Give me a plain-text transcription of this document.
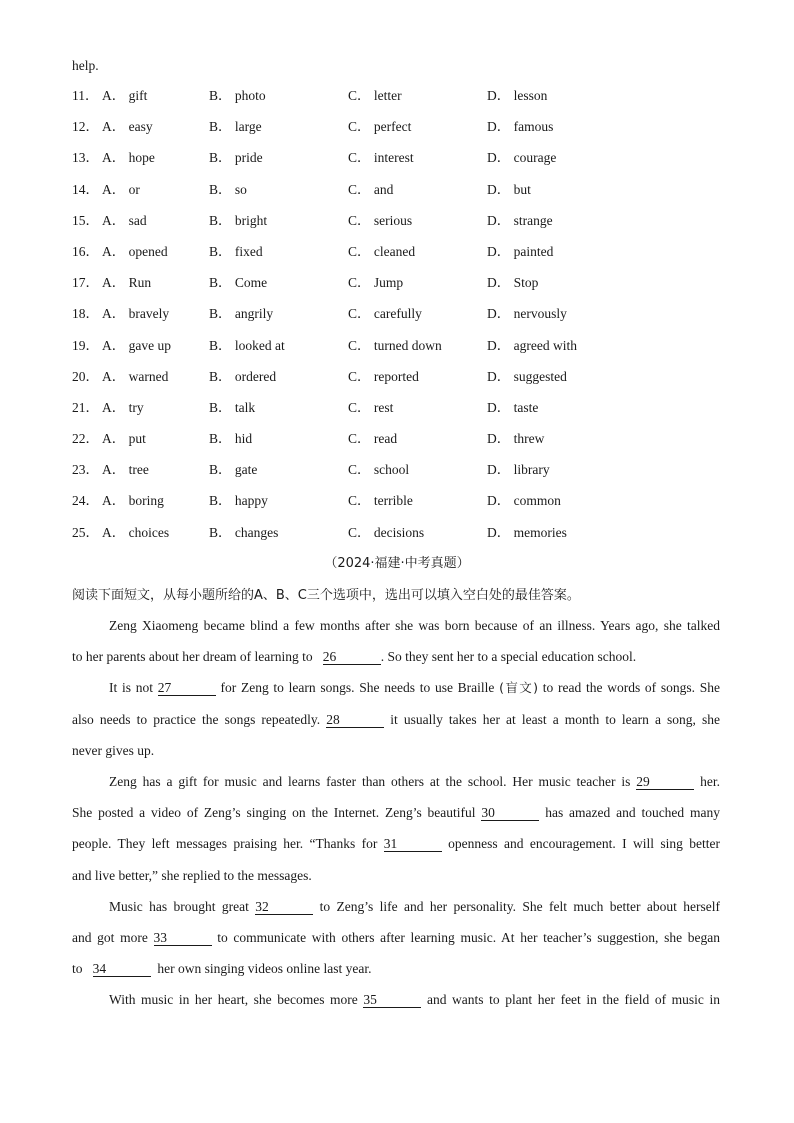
help.
11． A． gift	B． photo	C． letter	D． lesson
12． A． easy	B． large	C． perfect	D． famous
13． A． hope	B． pride	C． interest	D． courage
14． A． or	B． so	C． and	D． but
15． A． sad	B． bright	C． serious	D． strange
16． A． opened	B． fixed	C． cleaned	D． painted
17． A． Run	B． Come	C． Jump	D． Stop
18． A． bravely	B． angrily	C． carefully	D． nervously
19． A． gave up	B． looked at	C． turned down	D． agreed with
20． A． warned	B． ordered	C． reported	D． suggested
21． A． try	B． talk	C． rest	D． taste
22． A． put	B． hid	C． read	D． threw
23． A． tree	B． gate	C． school	D． library
24． A． boring	B． happy	C． terrible	D． common
25． A． choices	B． changes	C． decisions	D． memories
（2024·福建·中考真题）
阅读下面短文，从每小题所给的A、B、C三个选项中，选出可以填入空白处的最佳答案。
Zeng Xiaomeng became blind a few months after she was born because of an illness. Years ago, she talked
to her parents about her dream of learning to 26	. So they sent her to a special education school.
It is not 27	for Zeng to learn songs. She needs to use Braille (盲文) to read the words of songs. She
also needs to practice the songs repeatedly. 28	it usually takes her at least a month to learn a song, she
never gives up.
Zeng has a gift for music and learns faster than others at the school. Her music teacher is 29	her.
She posted a video of Zeng’s singing on the Internet. Zeng’s beautiful 30	has amazed and touched many
people. They left messages praising her. “Thanks for 31	openness and encouragement. I will sing better
and live better,” she replied to the messages.
Music has brought great 32	to Zeng’s life and her personality. She felt much better about herself
and got more 33	to communicate with others after learning music. At her teacher’s suggestion, she began
to 34	her own singing videos online last year.
With music in her heart, she becomes more 35	and wants to plant her feet in the field of music in
